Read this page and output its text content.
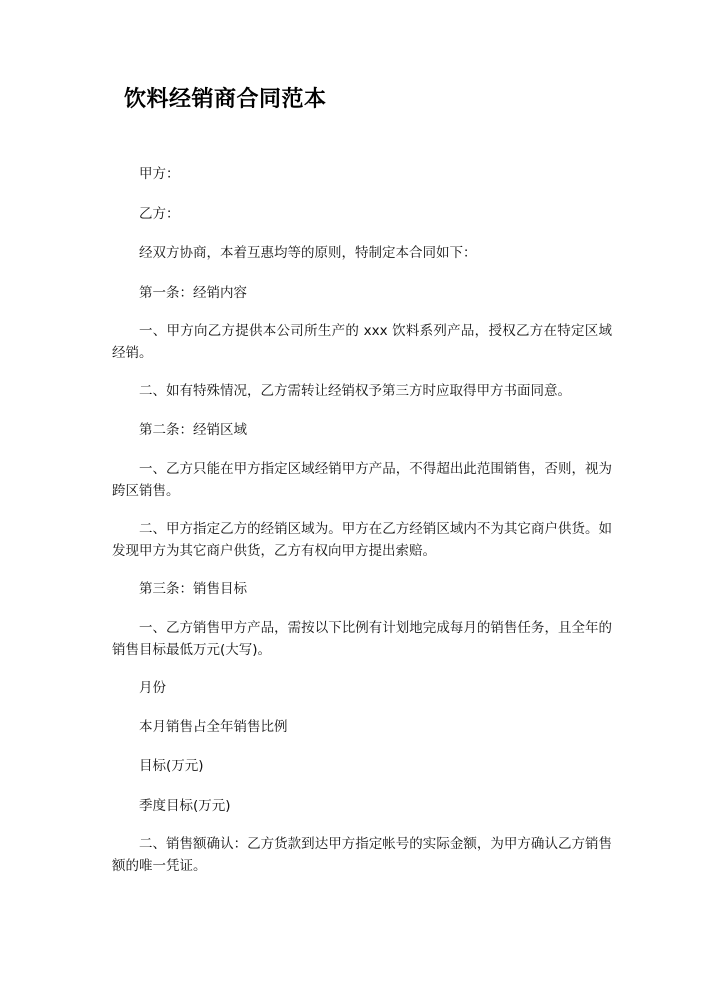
饮料经销商合同范本
甲方：
乙方：
经双方协商，本着互惠均等的原则，特制定本合同如下：
第一条：经销内容
一、甲方向乙方提供本公司所生产的 xxx 饮料系列产品，授权乙方在特定区域经销。
二、如有特殊情况，乙方需转让经销权予第三方时应取得甲方书面同意。
第二条：经销区域
一、乙方只能在甲方指定区域经销甲方产品，不得超出此范围销售，否则，视为跨区销售。
二、甲方指定乙方的经销区域为。甲方在乙方经销区域内不为其它商户供货。如发现甲方为其它商户供货，乙方有权向甲方提出索赔。
第三条：销售目标
一、乙方销售甲方产品，需按以下比例有计划地完成每月的销售任务，且全年的销售目标最低万元(大写)。
月份
本月销售占全年销售比例
目标(万元)
季度目标(万元)
二、销售额确认：乙方货款到达甲方指定帐号的实际金额，为甲方确认乙方销售额的唯一凭证。
